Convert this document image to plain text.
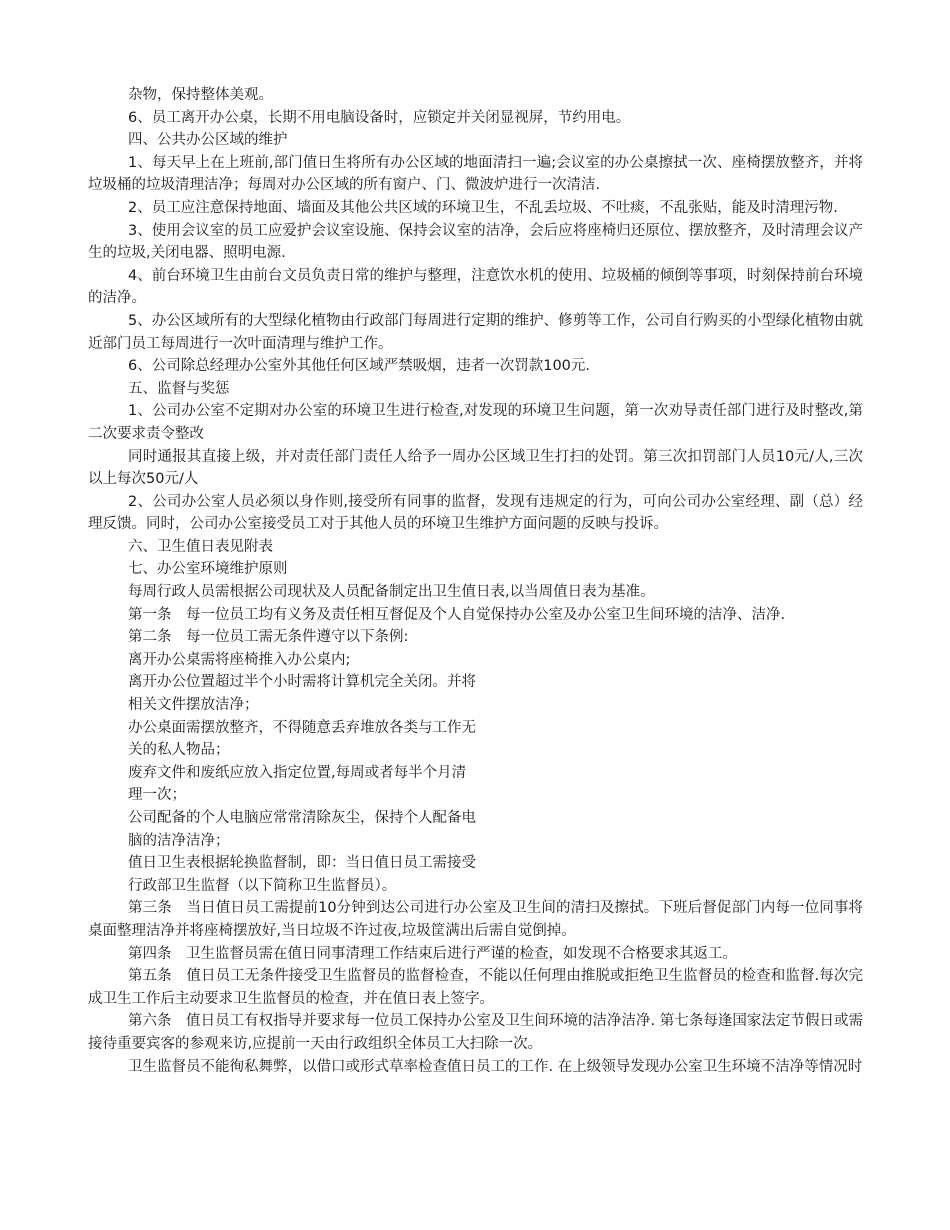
杂物，保持整体美观。

6、员工离开办公桌，长期不用电脑设备时，应锁定并关闭显视屏，节约用电。

四、公共办公区域的维护

1、每天早上在上班前,部门值日生将所有办公区域的地面清扫一遍;会议室的办公桌擦拭一次、座椅摆放整齐，并将垃圾桶的垃圾清理洁净；每周对办公区域的所有窗户、门、微波炉进行一次清洁.

2、员工应注意保持地面、墙面及其他公共区域的环境卫生，不乱丢垃圾、不吐痰，不乱张贴，能及时清理污物.

3、使用会议室的员工应爱护会议室设施、保持会议室的洁净，会后应将座椅归还原位、摆放整齐，及时清理会议产生的垃圾,关闭电器、照明电源.

4、前台环境卫生由前台文员负责日常的维护与整理，注意饮水机的使用、垃圾桶的倾倒等事项，时刻保持前台环境的洁净。

5、办公区域所有的大型绿化植物由行政部门每周进行定期的维护、修剪等工作，公司自行购买的小型绿化植物由就近部门员工每周进行一次叶面清理与维护工作。

6、公司除总经理办公室外其他任何区域严禁吸烟，违者一次罚款100元.

五、监督与奖惩

1、公司办公室不定期对办公室的环境卫生进行检查,对发现的环境卫生问题，第一次劝导责任部门进行及时整改,第二次要求责令整改

同时通报其直接上级，并对责任部门责任人给予一周办公区域卫生打扫的处罚。第三次扣罚部门人员10元/人,三次以上每次50元/人

2、公司办公室人员必须以身作则,接受所有同事的监督，发现有违规定的行为，可向公司办公室经理、副（总）经理反馈。同时，公司办公室接受员工对于其他人员的环境卫生维护方面问题的反映与投诉。

六、卫生值日表见附表

七、办公室环境维护原则

每周行政人员需根据公司现状及人员配备制定出卫生值日表,以当周值日表为基准。

第一条　每一位员工均有义务及责任相互督促及个人自觉保持办公室及办公室卫生间环境的洁净、洁净.

第二条　每一位员工需无条件遵守以下条例:

离开办公桌需将座椅推入办公桌内;

离开办公位置超过半个小时需将计算机完全关闭。并将

相关文件摆放洁净；

办公桌面需摆放整齐，不得随意丢弃堆放各类与工作无

关的私人物品；

废弃文件和废纸应放入指定位置,每周或者每半个月清

理一次；

公司配备的个人电脑应常常清除灰尘，保持个人配备电

脑的洁净洁净；

值日卫生表根据轮换监督制，即：当日值日员工需接受

行政部卫生监督（以下简称卫生监督员）。

第三条　当日值日员工需提前10分钟到达公司进行办公室及卫生间的清扫及擦拭。下班后督促部门内每一位同事将桌面整理洁净并将座椅摆放好,当日垃圾不许过夜,垃圾筐满出后需自觉倒掉。

第四条　卫生监督员需在值日同事清理工作结束后进行严谨的检查，如发现不合格要求其返工。

第五条　值日员工无条件接受卫生监督员的监督检查，不能以任何理由推脱或拒绝卫生监督员的检查和监督.每次完成卫生工作后主动要求卫生监督员的检查，并在值日表上签字。

第六条　值日员工有权指导并要求每一位员工保持办公室及卫生间环境的洁净洁净. 第七条每逢国家法定节假日或需接待重要宾客的参观来访,应提前一天由行政组织全体员工大扫除一次。

卫生监督员不能徇私舞弊，以借口或形式草率检查值日员工的工作. 在上级领导发现办公室卫生环境不洁净等情况时
